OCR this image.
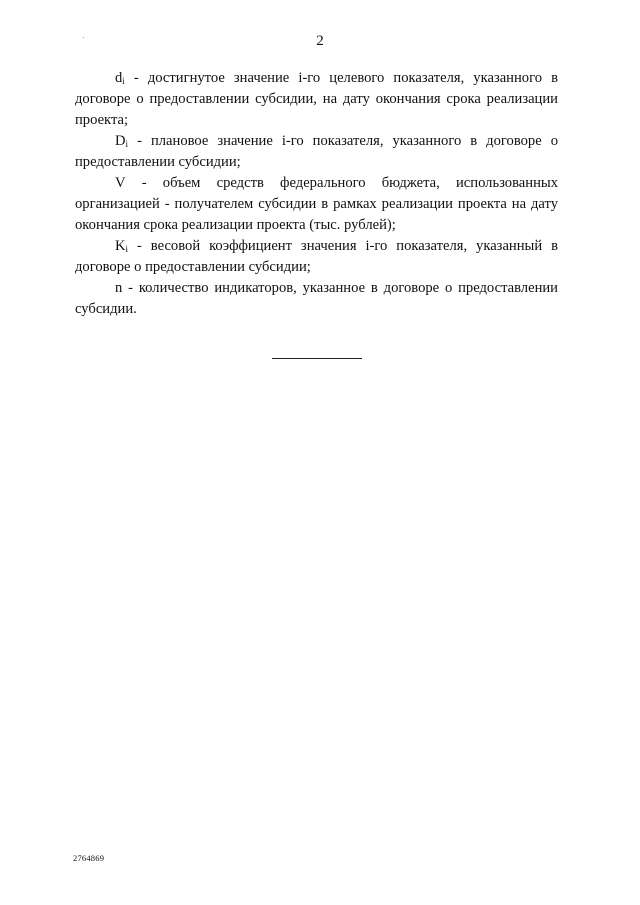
2

$d_i$ - достигнутое значение i-го целевого показателя, указанного в договоре о предоставлении субсидии, на дату окончания срока реализации проекта;

$D_i$ - плановое значение i-го показателя, указанного в договоре о предоставлении субсидии;

V - объем средств федерального бюджета, использованных организацией - получателем субсидии в рамках реализации проекта на дату окончания срока реализации проекта (тыс. рублей);

$K_i$ - весовой коэффициент значения i-го показателя, указанный в договоре о предоставлении субсидии;

n - количество индикаторов, указанное в договоре о предоставлении субсидии.

2764869
